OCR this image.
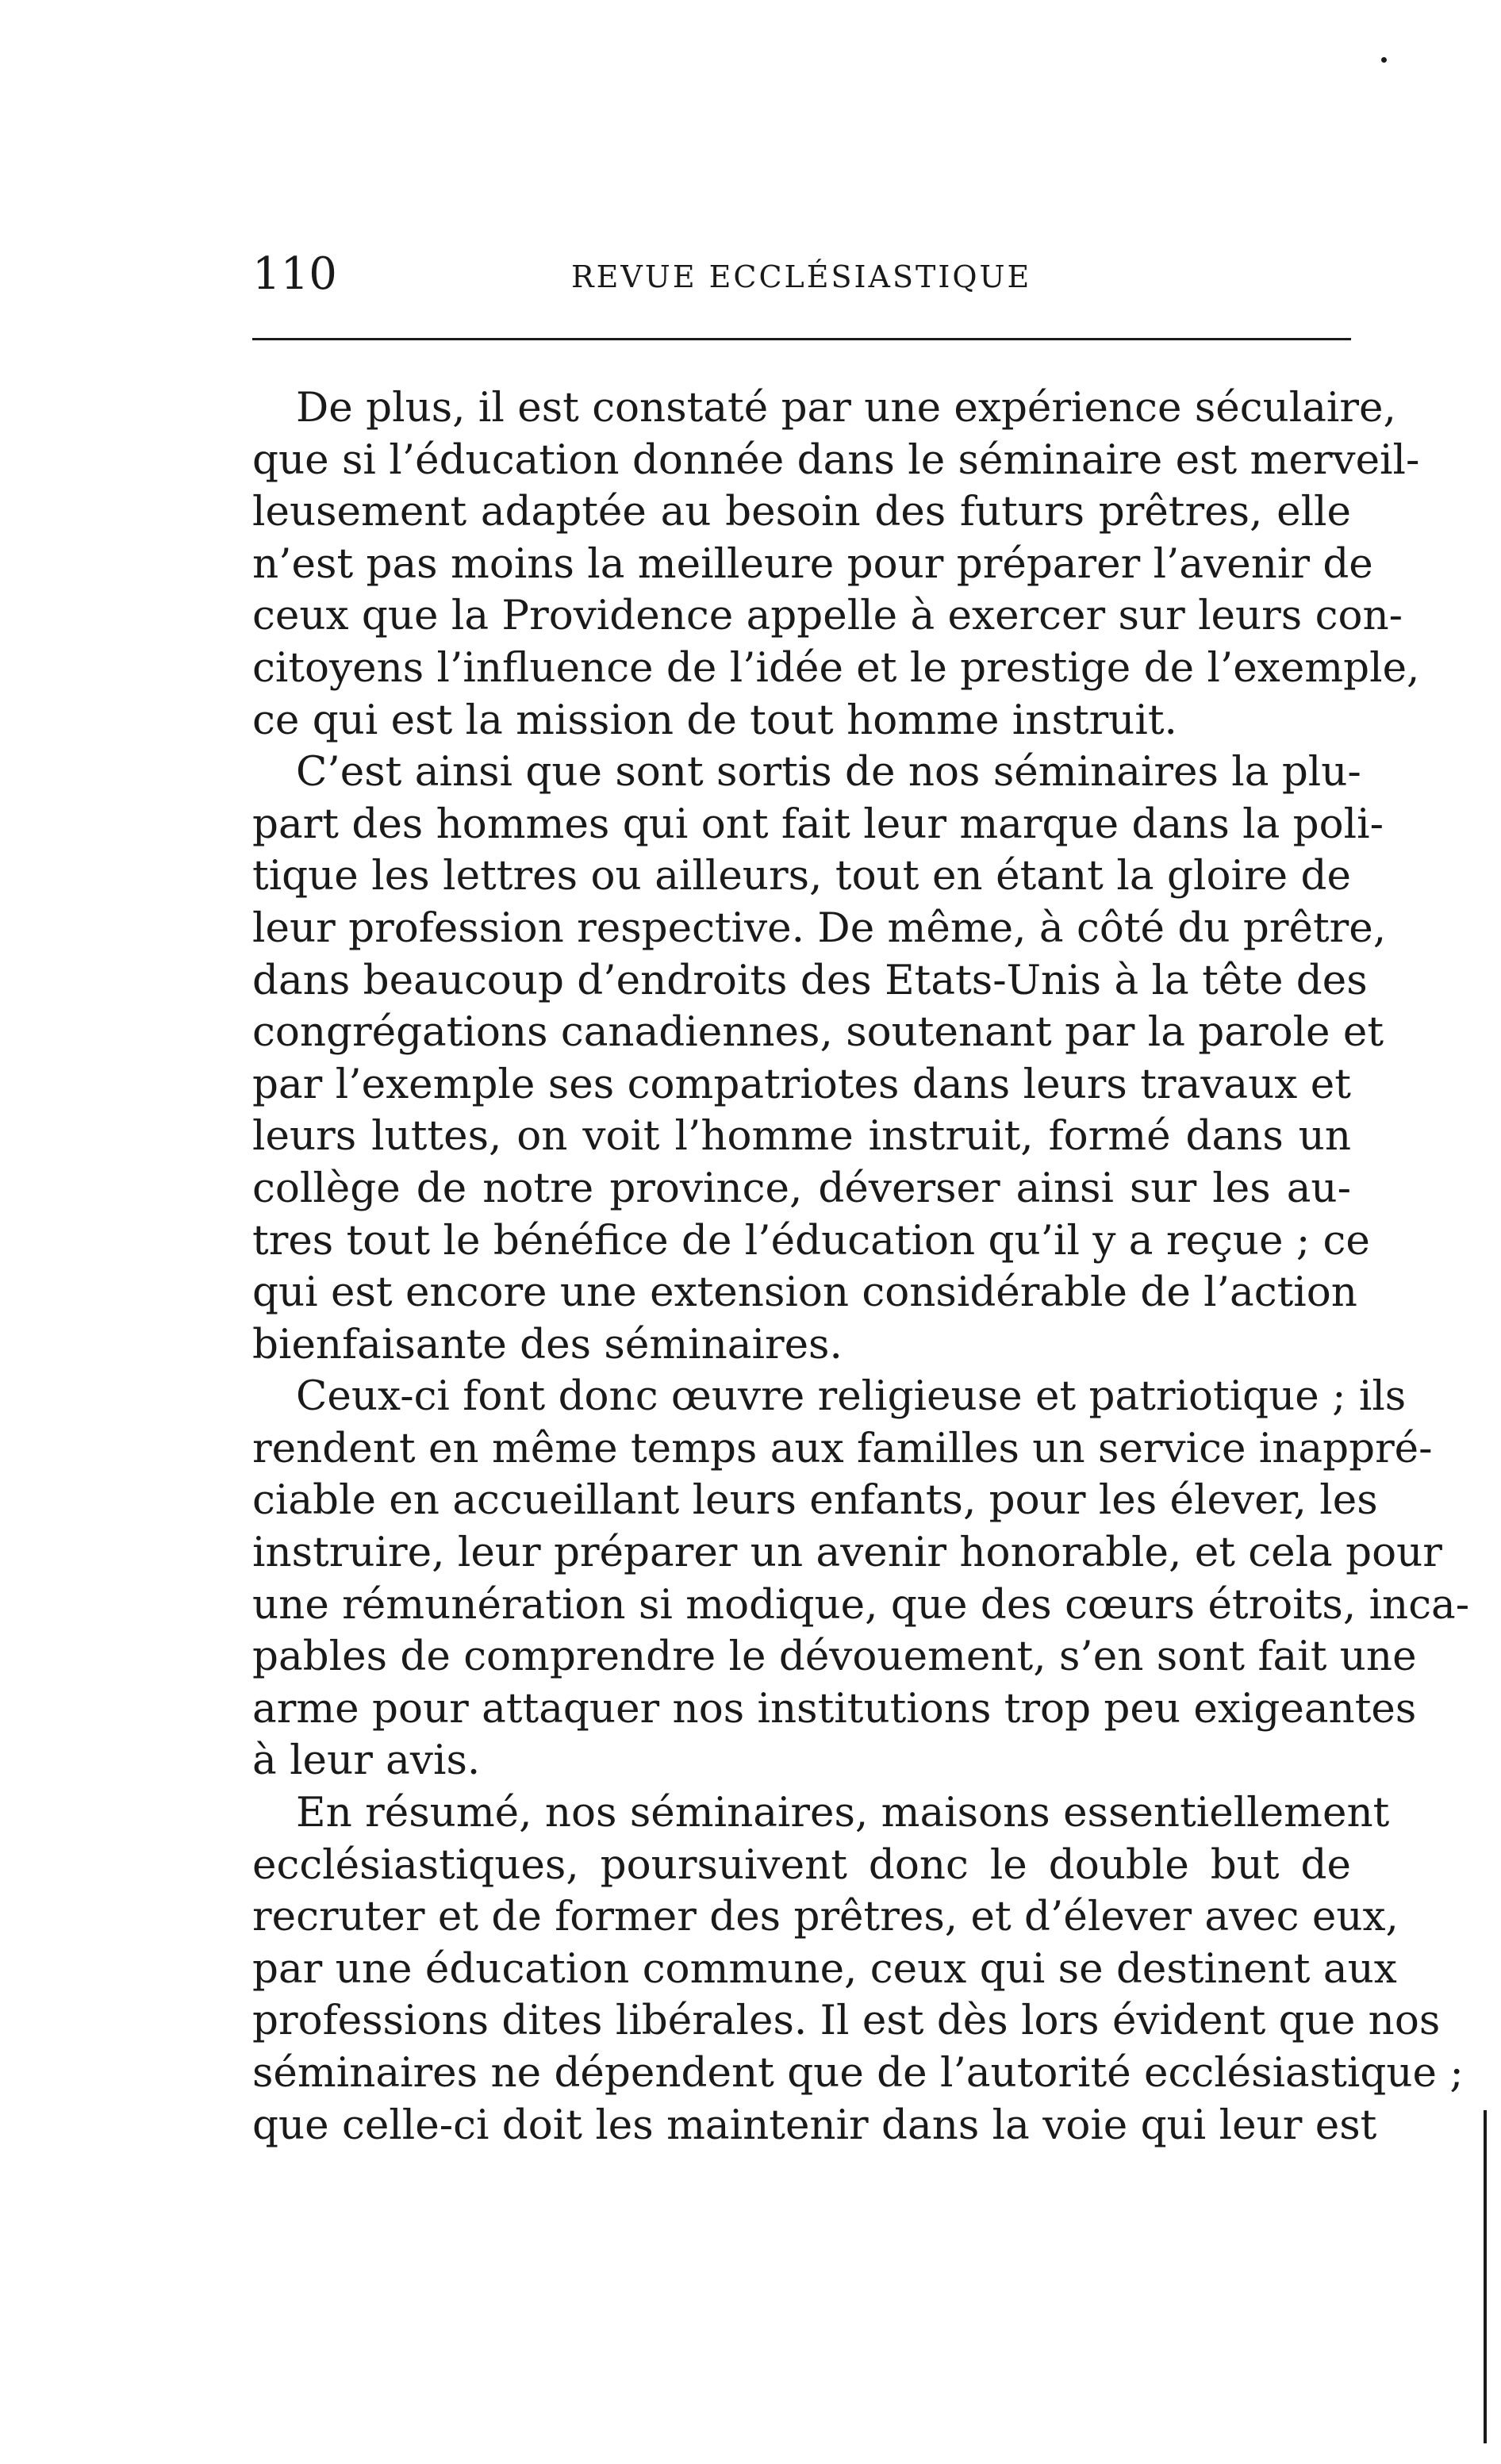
110	REVUE ECCLÉSIASTIQUE
De plus, il est constaté par une expérience séculaire,
que si l’éducation donnée dans le séminaire est merveil-
leusement adaptée au besoin des futurs prêtres, elle
n’est pas moins la meilleure pour préparer l’avenir de
ceux que la Providence appelle à exercer sur leurs con-
citoyens l’influence de l’idée et le prestige de l’exemple,
ce qui est la mission de tout homme instruit.
C’est ainsi que sont sortis de nos séminaires la plu-
part des hommes qui ont fait leur marque dans la poli-
tique les lettres ou ailleurs, tout en étant la gloire de
leur profession respective. De même, à côté du prêtre,
dans beaucoup d’endroits des Etats-Unis à la tête des
congrégations canadiennes, soutenant par la parole et
par l’exemple ses compatriotes dans leurs travaux et
leurs luttes, on voit l’homme instruit, formé dans un
collège de notre province, déverser ainsi sur les au-
tres tout le bénéfice de l’éducation qu’il y a reçue ; ce
qui est encore une extension considérable de l’action
bienfaisante des séminaires.
Ceux-ci font donc œuvre religieuse et patriotique ; ils
rendent en même temps aux familles un service inappré-
ciable en accueillant leurs enfants, pour les élever, les
instruire, leur préparer un avenir honorable, et cela pour
une rémunération si modique, que des cœurs étroits, inca-
pables de comprendre le dévouement, s’en sont fait une
arme pour attaquer nos institutions trop peu exigeantes
à leur avis.
En résumé, nos séminaires, maisons essentiellement
ecclésiastiques, poursuivent donc le double but de
recruter et de former des prêtres, et d’élever avec eux,
par une éducation commune, ceux qui se destinent aux
professions dites libérales. Il est dès lors évident que nos
séminaires ne dépendent que de l’autorité ecclésiastique ;
que celle-ci doit les maintenir dans la voie qui leur est
